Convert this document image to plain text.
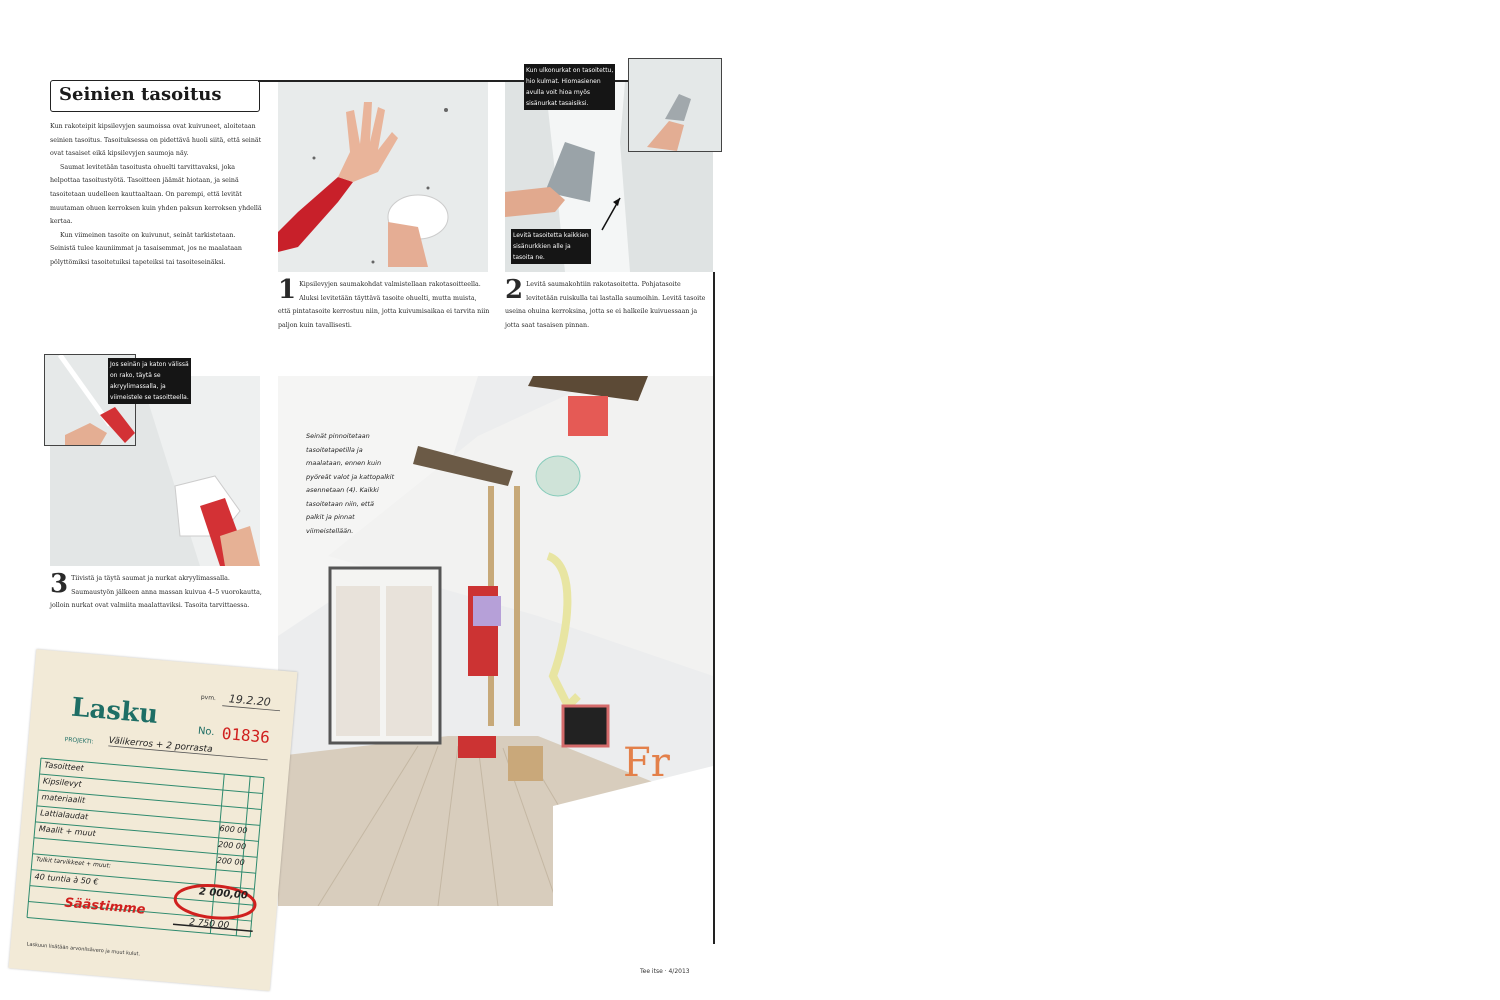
Seinien tasoitus

Kun rakoteipit kipsilevyjen saumoissa ovat kuivuneet, aloitetaan seinien tasoitus. Tasoituksessa on pidettävä huoli siitä, että seinät ovat tasaiset eikä kipsilevyjen saumoja näy.

Saumat levitetään tasoitusta ohuelti tarvittavaksi, joka helpottaa tasoitustyötä. Tasoitteen jäämät hiotaan, ja seinä tasoitetaan uudelleen kauttaaltaan. On parempi, että levität muutaman ohuen kerroksen kuin yhden paksun kerroksen yhdellä kertaa.

Kun viimeinen tasoite on kuivunut, seinät tarkistetaan. Seinistä tulee kauniimmat ja tasaisemmat, jos ne maalataan pölyttömiksi tasoitetuiksi tapeteiksi tai tasoiteseinäksi.

Kun ulkonurkat on tasoitettu,
hio kulmat. Hiomasienen
avulla voit hioa myös
sisänurkat tasaisiksi.
Levitä tasoitetta kaikkien
sisänurkkien alle ja
tasoita ne.
1 Kipsilevyjen saumakohdat valmistellaan rakotasoitteella. Aluksi levitetään täyttävä tasoite ohuelti, mutta muista, että pintatasoite kerrostuu niin, jotta kuivumisaikaa ei tarvita niin paljon kuin tavallisesti.
2 Levitä saumakohtiin rakotasoitetta. Pohjatasoite levitetään ruiskulla tai lastalla saumoihin. Levitä tasoite useina ohuina kerroksina, jotta se ei halkeile kuivuessaan ja jotta saat tasaisen pinnan.
Jos seinän ja katon välissä
on rako, täytä se
akryylimassalla, ja
viimeistele se tasoitteella.
3 Tiivistä ja täytä saumat ja nurkat akryylimassalla. Saumaustyön jälkeen anna massan kuivua 4–5 vuorokautta, jolloin nurkat ovat valmiita maalattaviksi. Tasoita tarvittaessa.
Fr
Seinät pinnoitetaan
tasoitetapetilla ja
maalataan, ennen kuin
pyöreät valot ja kattopalkit
asennetaan (4). Kaikki
tasoitetaan niin, että
palkit ja pinnat
viimeistellään.
Lasku	pvm. 19.2.20
No. 01836
PROJEKTI: Välikerros + 2 porrasta
Tasoitteet
Kipsilevyt
materiaalit
Lattialaudat
600 00
Maalit + muut
200 00
200 00
Tulkit tarvikkeet + muut:
40 tuntia à 50 €
2 000,00
Säästimme
2 750 00
Laskuun lisätään arvonlisävero ja muut kulut.
Tee itse · 4/2013
